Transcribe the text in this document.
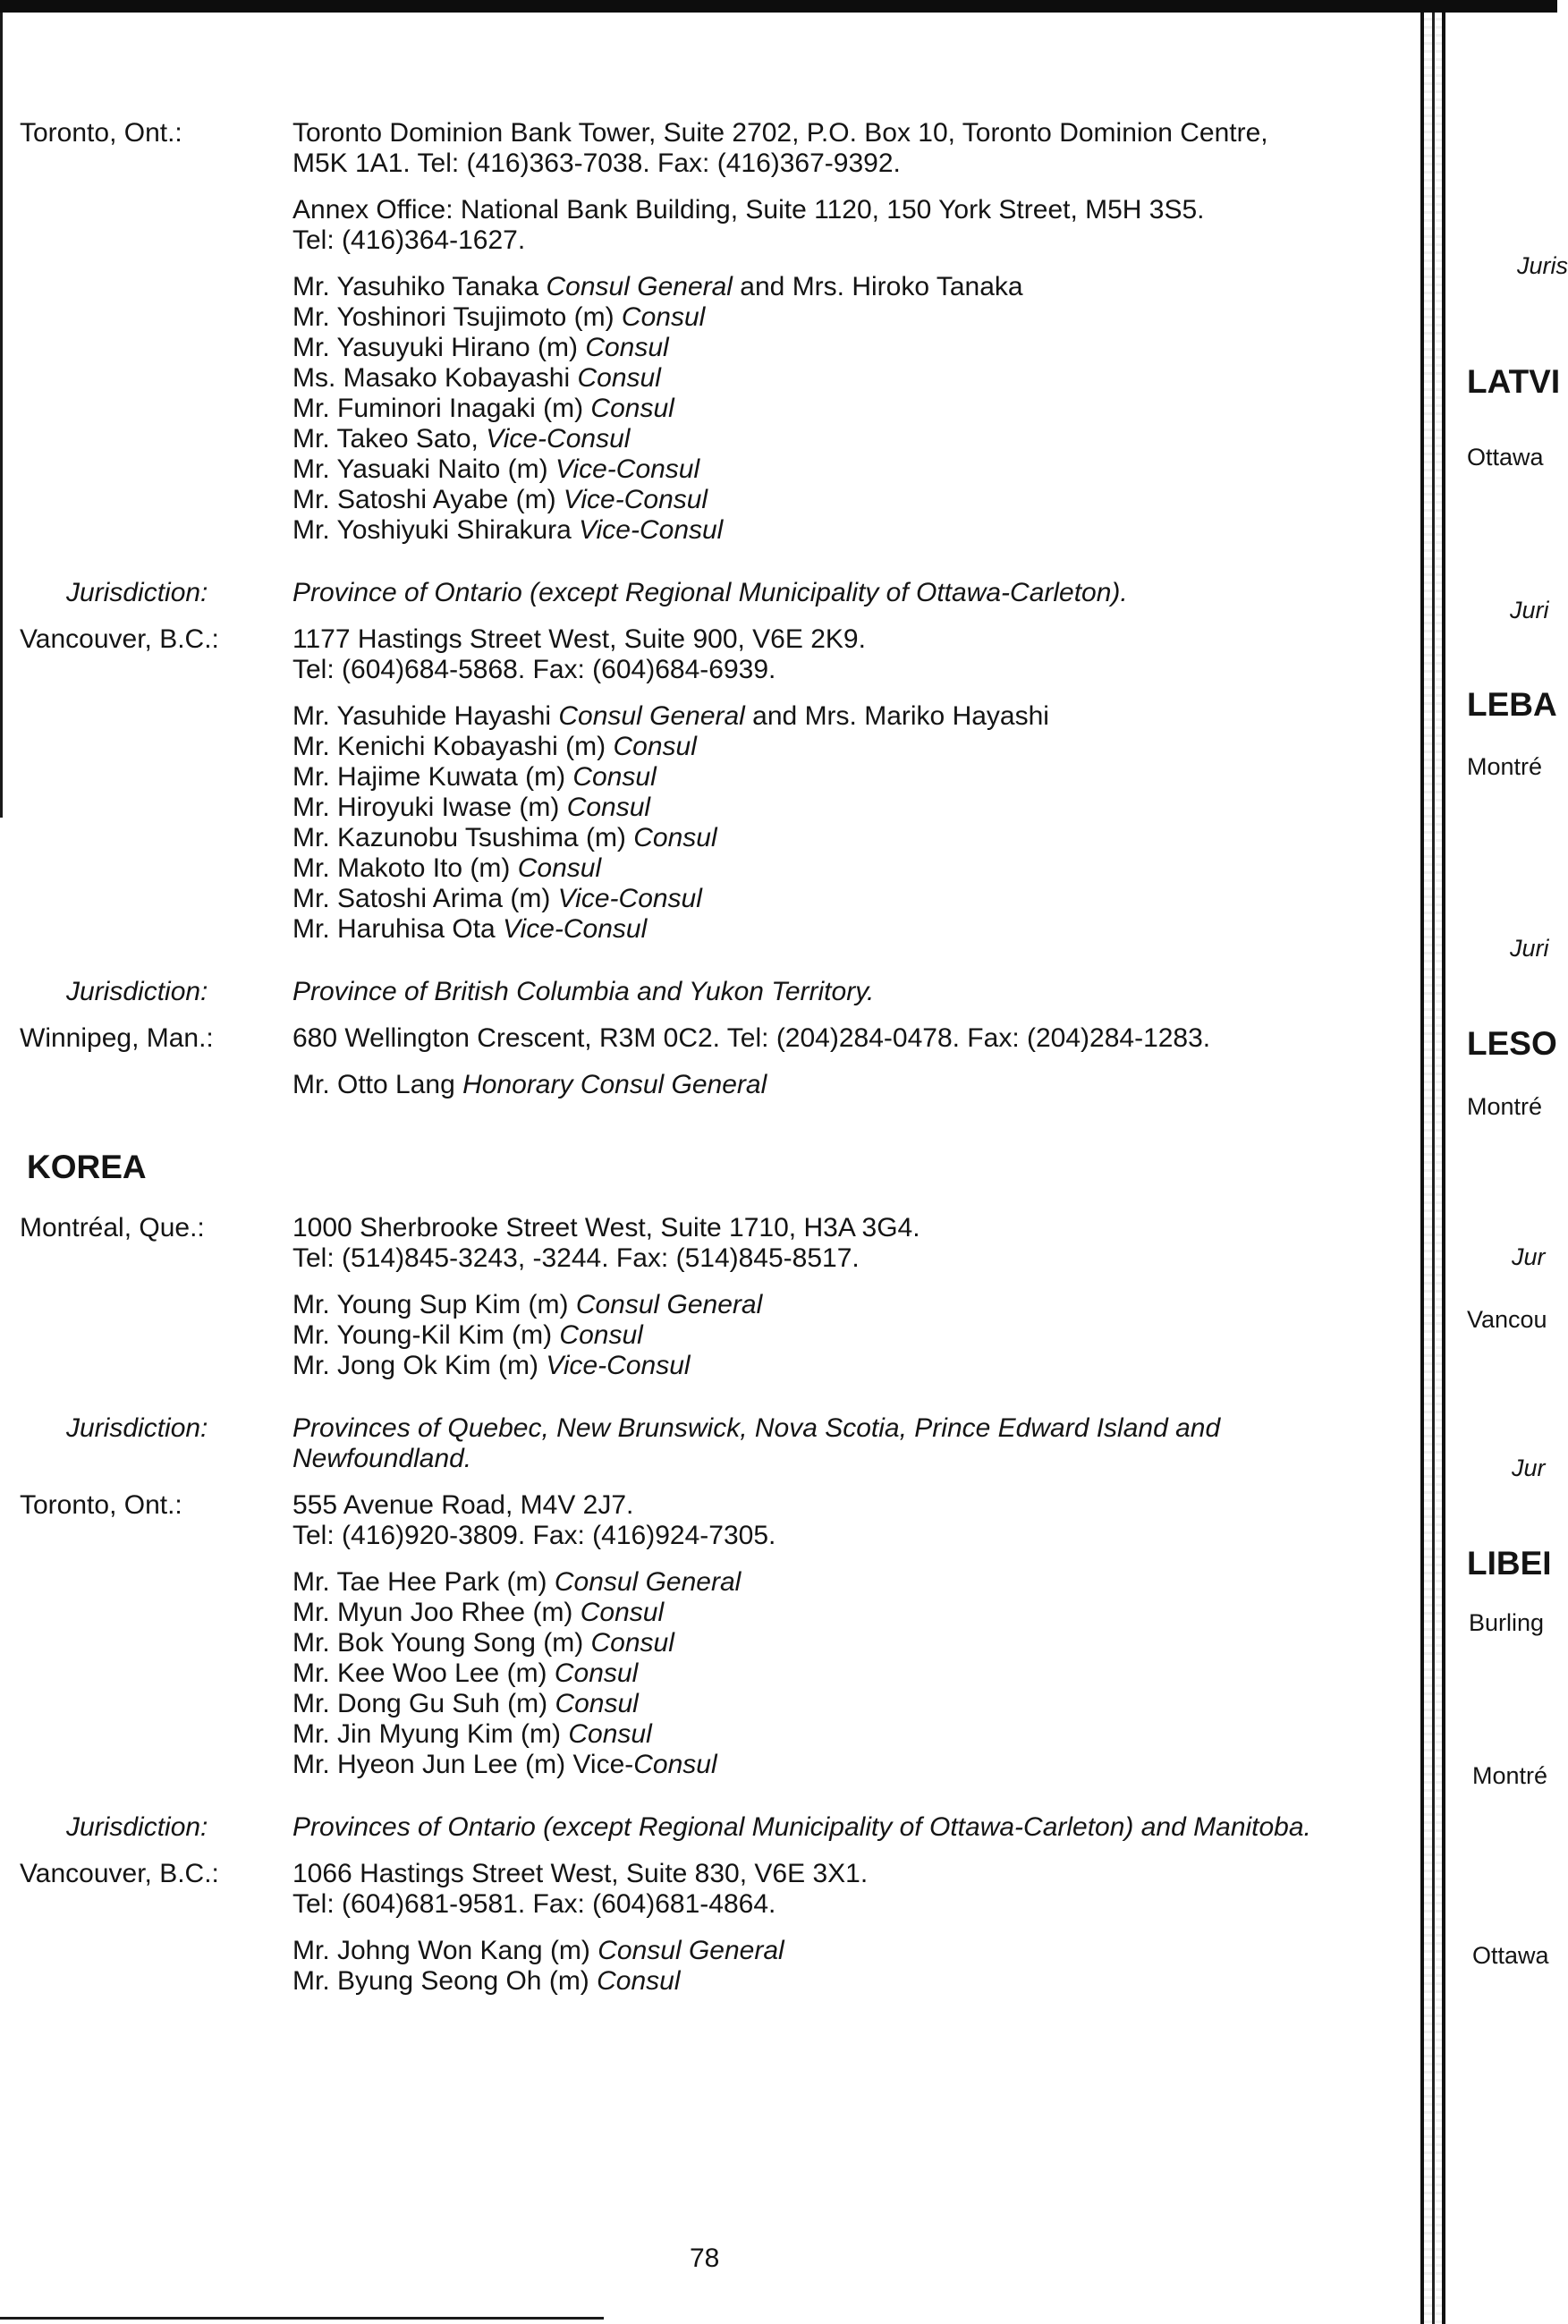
Toronto, Ont.:	Toronto Dominion Bank Tower, Suite 2702, P.O. Box 10, Toronto Dominion Centre,
M5K 1A1. Tel: (416)363-7038. Fax: (416)367-9392.
Annex Office: National Bank Building, Suite 1120, 150 York Street, M5H 3S5.
Tel: (416)364-1627.
Mr. Yasuhiko Tanaka Consul General and Mrs. Hiroko Tanaka
Mr. Yoshinori Tsujimoto (m) Consul
Mr. Yasuyuki Hirano (m) Consul
Ms. Masako Kobayashi Consul
Mr. Fuminori Inagaki (m) Consul
Mr. Takeo Sato, Vice-Consul
Mr. Yasuaki Naito (m) Vice-Consul
Mr. Satoshi Ayabe (m) Vice-Consul
Mr. Yoshiyuki Shirakura Vice-Consul
Jurisdiction:	Province of Ontario (except Regional Municipality of Ottawa-Carleton).
Vancouver, B.C.:	1177 Hastings Street West, Suite 900, V6E 2K9.
Tel: (604)684-5868. Fax: (604)684-6939.
Mr. Yasuhide Hayashi Consul General and Mrs. Mariko Hayashi
Mr. Kenichi Kobayashi (m) Consul
Mr. Hajime Kuwata (m) Consul
Mr. Hiroyuki Iwase (m) Consul
Mr. Kazunobu Tsushima (m) Consul
Mr. Makoto Ito (m) Consul
Mr. Satoshi Arima (m) Vice-Consul
Mr. Haruhisa Ota Vice-Consul
Jurisdiction:	Province of British Columbia and Yukon Territory.
Winnipeg, Man.:	680 Wellington Crescent, R3M 0C2. Tel: (204)284-0478. Fax: (204)284-1283.
Mr. Otto Lang Honorary Consul General
KOREA
Montréal, Que.:	1000 Sherbrooke Street West, Suite 1710, H3A 3G4.
Tel: (514)845-3243, -3244. Fax: (514)845-8517.
Mr. Young Sup Kim (m) Consul General
Mr. Young-Kil Kim (m) Consul
Mr. Jong Ok Kim (m) Vice-Consul
Jurisdiction:	Provinces of Quebec, New Brunswick, Nova Scotia, Prince Edward Island and Newfoundland.
Toronto, Ont.:	555 Avenue Road, M4V 2J7.
Tel: (416)920-3809. Fax: (416)924-7305.
Mr. Tae Hee Park (m) Consul General
Mr. Myun Joo Rhee (m) Consul
Mr. Bok Young Song (m) Consul
Mr. Kee Woo Lee (m) Consul
Mr. Dong Gu Suh (m) Consul
Mr. Jin Myung Kim (m) Consul
Mr. Hyeon Jun Lee (m) Vice-Consul
Jurisdiction:	Provinces of Ontario (except Regional Municipality of Ottawa-Carleton) and Manitoba.
Vancouver, B.C.:	1066 Hastings Street West, Suite 830, V6E 3X1.
Tel: (604)681-9581. Fax: (604)681-4864.
Mr. Johng Won Kang (m) Consul General
Mr. Byung Seong Oh (m) Consul
78
Juris
LATVI
Ottawa
Juri
LEBA
Montré
Juri
LESO
Montré
Jur
Vancou
Jur
LIBEI
Burling
Montré
Ottawa
